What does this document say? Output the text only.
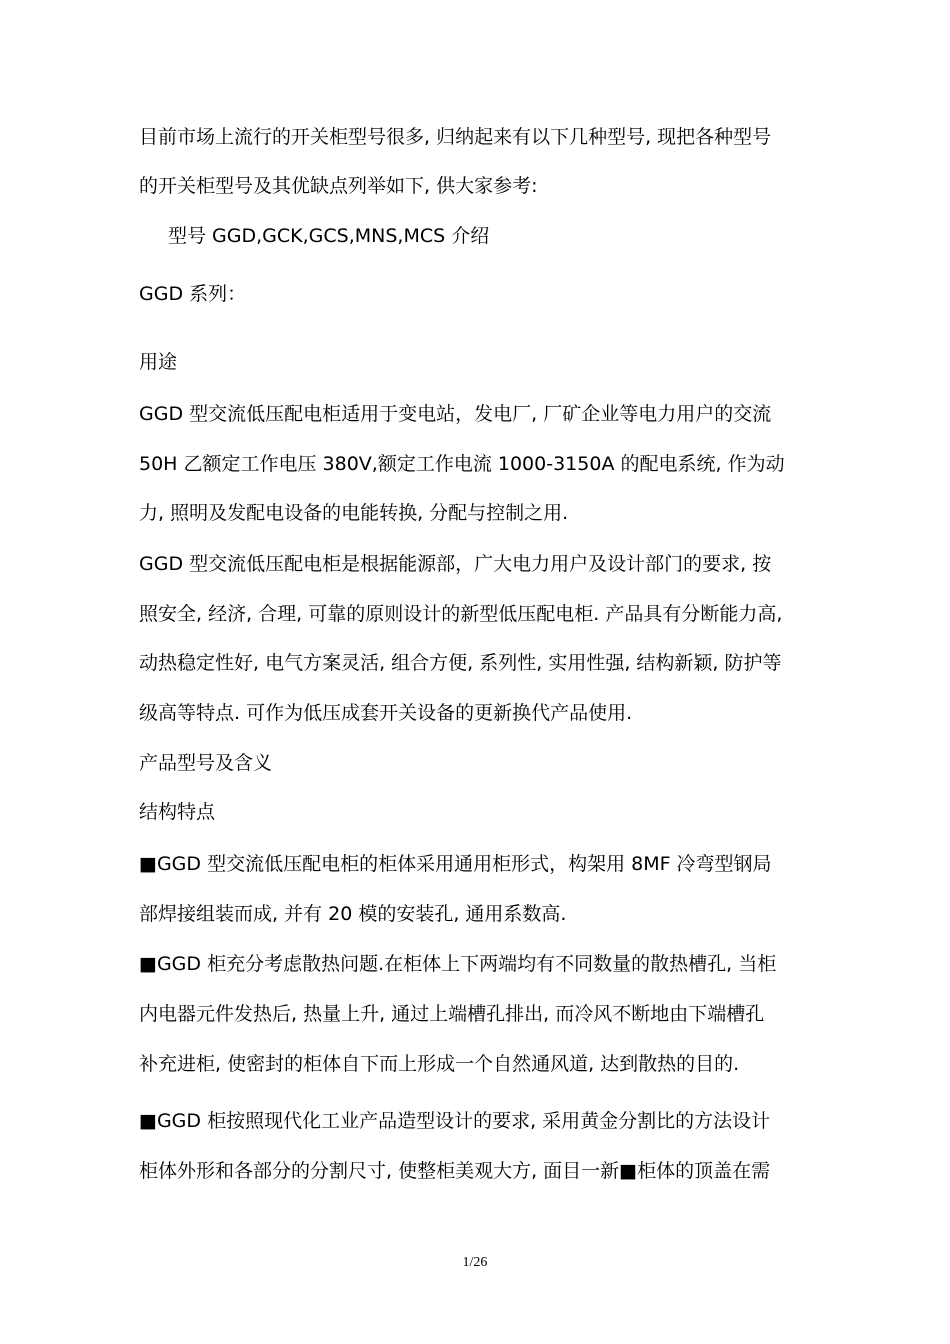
目前市场上流行的开关柜型号很多, 归纳起来有以下几种型号, 现把各种型号
的开关柜型号及其优缺点列举如下, 供大家参考:
型号 GGD,GCK,GCS,MNS,MCS 介绍
GGD 系列：
用途
GGD 型交流低压配电柜适用于变电站，发电厂, 厂矿企业等电力用户的交流
50H 乙额定工作电压 380V,额定工作电流 1000-3150A 的配电系统, 作为动
力, 照明及发配电设备的电能转换, 分配与控制之用.
GGD 型交流低压配电柜是根据能源部，广大电力用户及设计部门的要求, 按
照安全, 经济, 合理, 可靠的原则设计的新型低压配电柜. 产品具有分断能力高,
动热稳定性好, 电气方案灵活, 组合方便, 系列性, 实用性强, 结构新颖, 防护等
级高等特点. 可作为低压成套开关设备的更新换代产品使用.
产品型号及含义
结构特点
■GGD 型交流低压配电柜的柜体采用通用柜形式，构架用 8MF 冷弯型钢局
部焊接组装而成, 并有 20 模的安装孔, 通用系数高.
■GGD 柜充分考虑散热问题.在柜体上下两端均有不同数量的散热槽孔, 当柜
内电器元件发热后, 热量上升, 通过上端槽孔排出, 而冷风不断地由下端槽孔
补充进柜, 使密封的柜体自下而上形成一个自然通风道, 达到散热的目的.
■GGD 柜按照现代化工业产品造型设计的要求, 采用黄金分割比的方法设计
柜体外形和各部分的分割尺寸, 使整柜美观大方, 面目一新■柜体的顶盖在需
1/26
